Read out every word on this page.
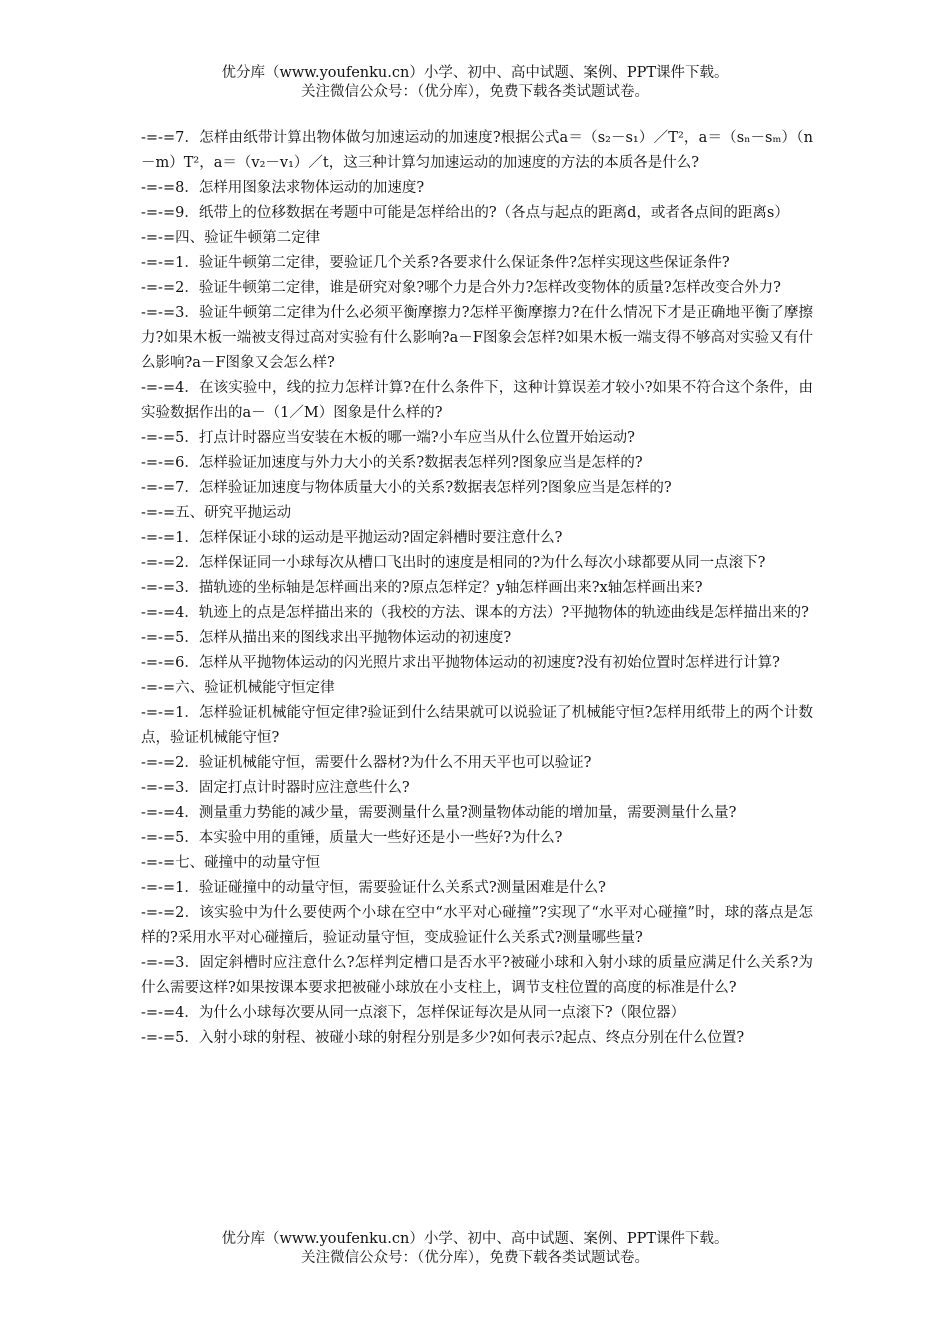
优分库（www.youfenku.cn）小学、初中、高中试题、案例、PPT课件下载。
关注微信公众号：（优分库），免费下载各类试题试卷。

-=-=7．怎样由纸带计算出物体做匀加速运动的加速度?根据公式a＝（s₂－s₁）／T²，a＝（sₙ－sₘ）（n－m）T²，a＝（v₂－v₁）／t，这三种计算匀加速运动的加速度的方法的本质各是什么?

-=-=8．怎样用图象法求物体运动的加速度?

-=-=9．纸带上的位移数据在考题中可能是怎样给出的?（各点与起点的距离d，或者各点间的距离s）

-=-=四、验证牛顿第二定律

-=-=1．验证牛顿第二定律，要验证几个关系?各要求什么保证条件?怎样实现这些保证条件?

-=-=2．验证牛顿第二定律，谁是研究对象?哪个力是合外力?怎样改变物体的质量?怎样改变合外力?

-=-=3．验证牛顿第二定律为什么必须平衡摩擦力?怎样平衡摩擦力?在什么情况下才是正确地平衡了摩擦力?如果木板一端被支得过高对实验有什么影响?a－F图象会怎样?如果木板一端支得不够高对实验又有什么影响?a－F图象又会怎么样?

-=-=4．在该实验中，线的拉力怎样计算?在什么条件下，这种计算误差才较小?如果不符合这个条件，由实验数据作出的a－（1／M）图象是什么样的?

-=-=5．打点计时器应当安装在木板的哪一端?小车应当从什么位置开始运动?

-=-=6．怎样验证加速度与外力大小的关系?数据表怎样列?图象应当是怎样的?

-=-=7．怎样验证加速度与物体质量大小的关系?数据表怎样列?图象应当是怎样的?

-=-=五、研究平抛运动

-=-=1．怎样保证小球的运动是平抛运动?固定斜槽时要注意什么?

-=-=2．怎样保证同一小球每次从槽口飞出时的速度是相同的?为什么每次小球都要从同一点滚下?

-=-=3．描轨迹的坐标轴是怎样画出来的?原点怎样定？y轴怎样画出来?x轴怎样画出来?

-=-=4．轨迹上的点是怎样描出来的（我校的方法、课本的方法）?平抛物体的轨迹曲线是怎样描出来的?

-=-=5．怎样从描出来的图线求出平抛物体运动的初速度?

-=-=6．怎样从平抛物体运动的闪光照片求出平抛物体运动的初速度?没有初始位置时怎样进行计算?

-=-=六、验证机械能守恒定律

-=-=1．怎样验证机械能守恒定律?验证到什么结果就可以说验证了机械能守恒?怎样用纸带上的两个计数点，验证机械能守恒?

-=-=2．验证机械能守恒，需要什么器材?为什么不用天平也可以验证?

-=-=3．固定打点计时器时应注意些什么?

-=-=4．测量重力势能的减少量，需要测量什么量?测量物体动能的增加量，需要测量什么量?

-=-=5．本实验中用的重锤，质量大一些好还是小一些好?为什么?

-=-=七、碰撞中的动量守恒

-=-=1．验证碰撞中的动量守恒，需要验证什么关系式?测量困难是什么?

-=-=2．该实验中为什么要使两个小球在空中“水平对心碰撞”?实现了“水平对心碰撞”时，球的落点是怎样的?采用水平对心碰撞后，验证动量守恒，变成验证什么关系式?测量哪些量?

-=-=3．固定斜槽时应注意什么?怎样判定槽口是否水平?被碰小球和入射小球的质量应满足什么关系?为什么需要这样?如果按课本要求把被碰小球放在小支柱上，调节支柱位置的高度的标准是什么?

-=-=4．为什么小球每次要从同一点滚下，怎样保证每次是从同一点滚下?（限位器）

-=-=5．入射小球的射程、被碰小球的射程分别是多少?如何表示?起点、终点分别在什么位置?

优分库（www.youfenku.cn）小学、初中、高中试题、案例、PPT课件下载。
关注微信公众号：（优分库），免费下载各类试题试卷。
